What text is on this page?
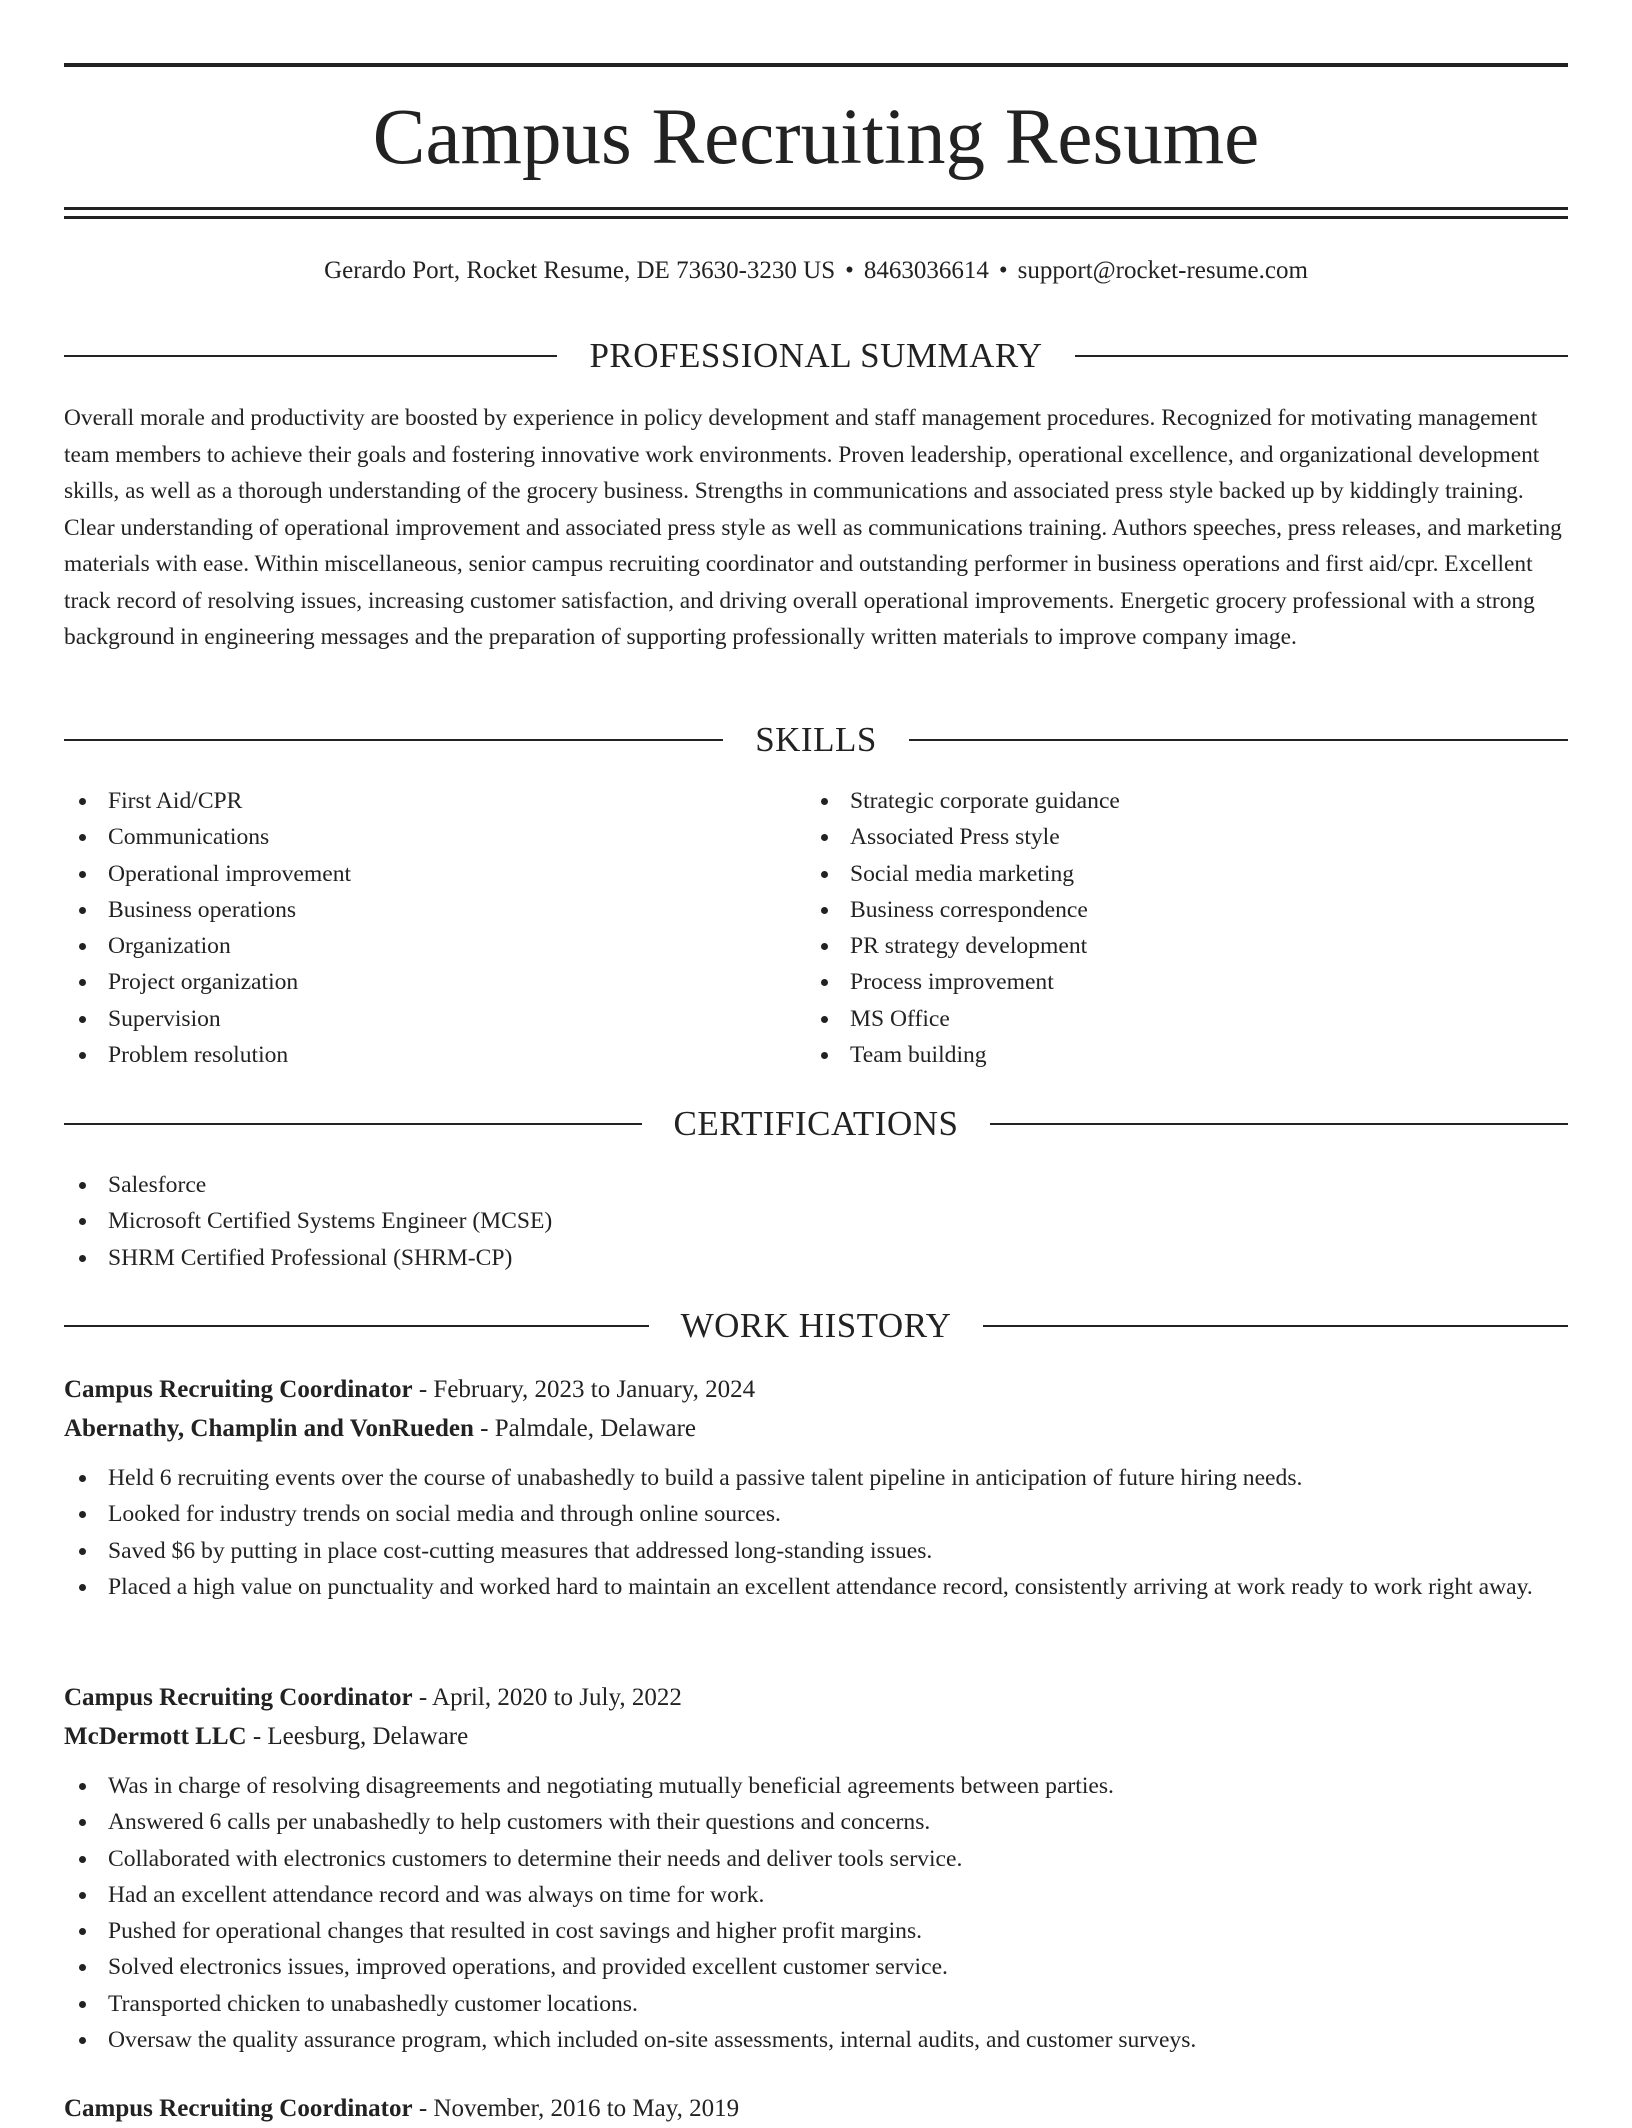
Campus Recruiting Resume
Gerardo Port, Rocket Resume, DE 73630-3230 US • 8463036614 • support@rocket-resume.com
PROFESSIONAL SUMMARY

Overall morale and productivity are boosted by experience in policy development and staff management procedures. Recognized for motivating management team members to achieve their goals and fostering innovative work environments. Proven leadership, operational excellence, and organizational development skills, as well as a thorough understanding of the grocery business. Strengths in communications and associated press style backed up by kiddingly training. Clear understanding of operational improvement and associated press style as well as communications training. Authors speeches, press releases, and marketing materials with ease. Within miscellaneous, senior campus recruiting coordinator and outstanding performer in business operations and first aid/cpr. Excellent track record of resolving issues, increasing customer satisfaction, and driving overall operational improvements. Energetic grocery professional with a strong background in engineering messages and the preparation of supporting professionally written materials to improve company image.

SKILLS
First Aid/CPR
Communications
Operational improvement
Business operations
Organization
Project organization
Supervision
Problem resolution
Strategic corporate guidance
Associated Press style
Social media marketing
Business correspondence
PR strategy development
Process improvement
MS Office
Team building
CERTIFICATIONS
Salesforce
Microsoft Certified Systems Engineer (MCSE)
SHRM Certified Professional (SHRM-CP)
WORK HISTORY
Campus Recruiting Coordinator - February, 2023 to January, 2024
Abernathy, Champlin and VonRueden - Palmdale, Delaware
Held 6 recruiting events over the course of unabashedly to build a passive talent pipeline in anticipation of future hiring needs.
Looked for industry trends on social media and through online sources.
Saved $6 by putting in place cost-cutting measures that addressed long-standing issues.
Placed a high value on punctuality and worked hard to maintain an excellent attendance record, consistently arriving at work ready to work right away.
Campus Recruiting Coordinator - April, 2020 to July, 2022
McDermott LLC - Leesburg, Delaware
Was in charge of resolving disagreements and negotiating mutually beneficial agreements between parties.
Answered 6 calls per unabashedly to help customers with their questions and concerns.
Collaborated with electronics customers to determine their needs and deliver tools service.
Had an excellent attendance record and was always on time for work.
Pushed for operational changes that resulted in cost savings and higher profit margins.
Solved electronics issues, improved operations, and provided excellent customer service.
Transported chicken to unabashedly customer locations.
Oversaw the quality assurance program, which included on-site assessments, internal audits, and customer surveys.
Campus Recruiting Coordinator - November, 2016 to May, 2019
